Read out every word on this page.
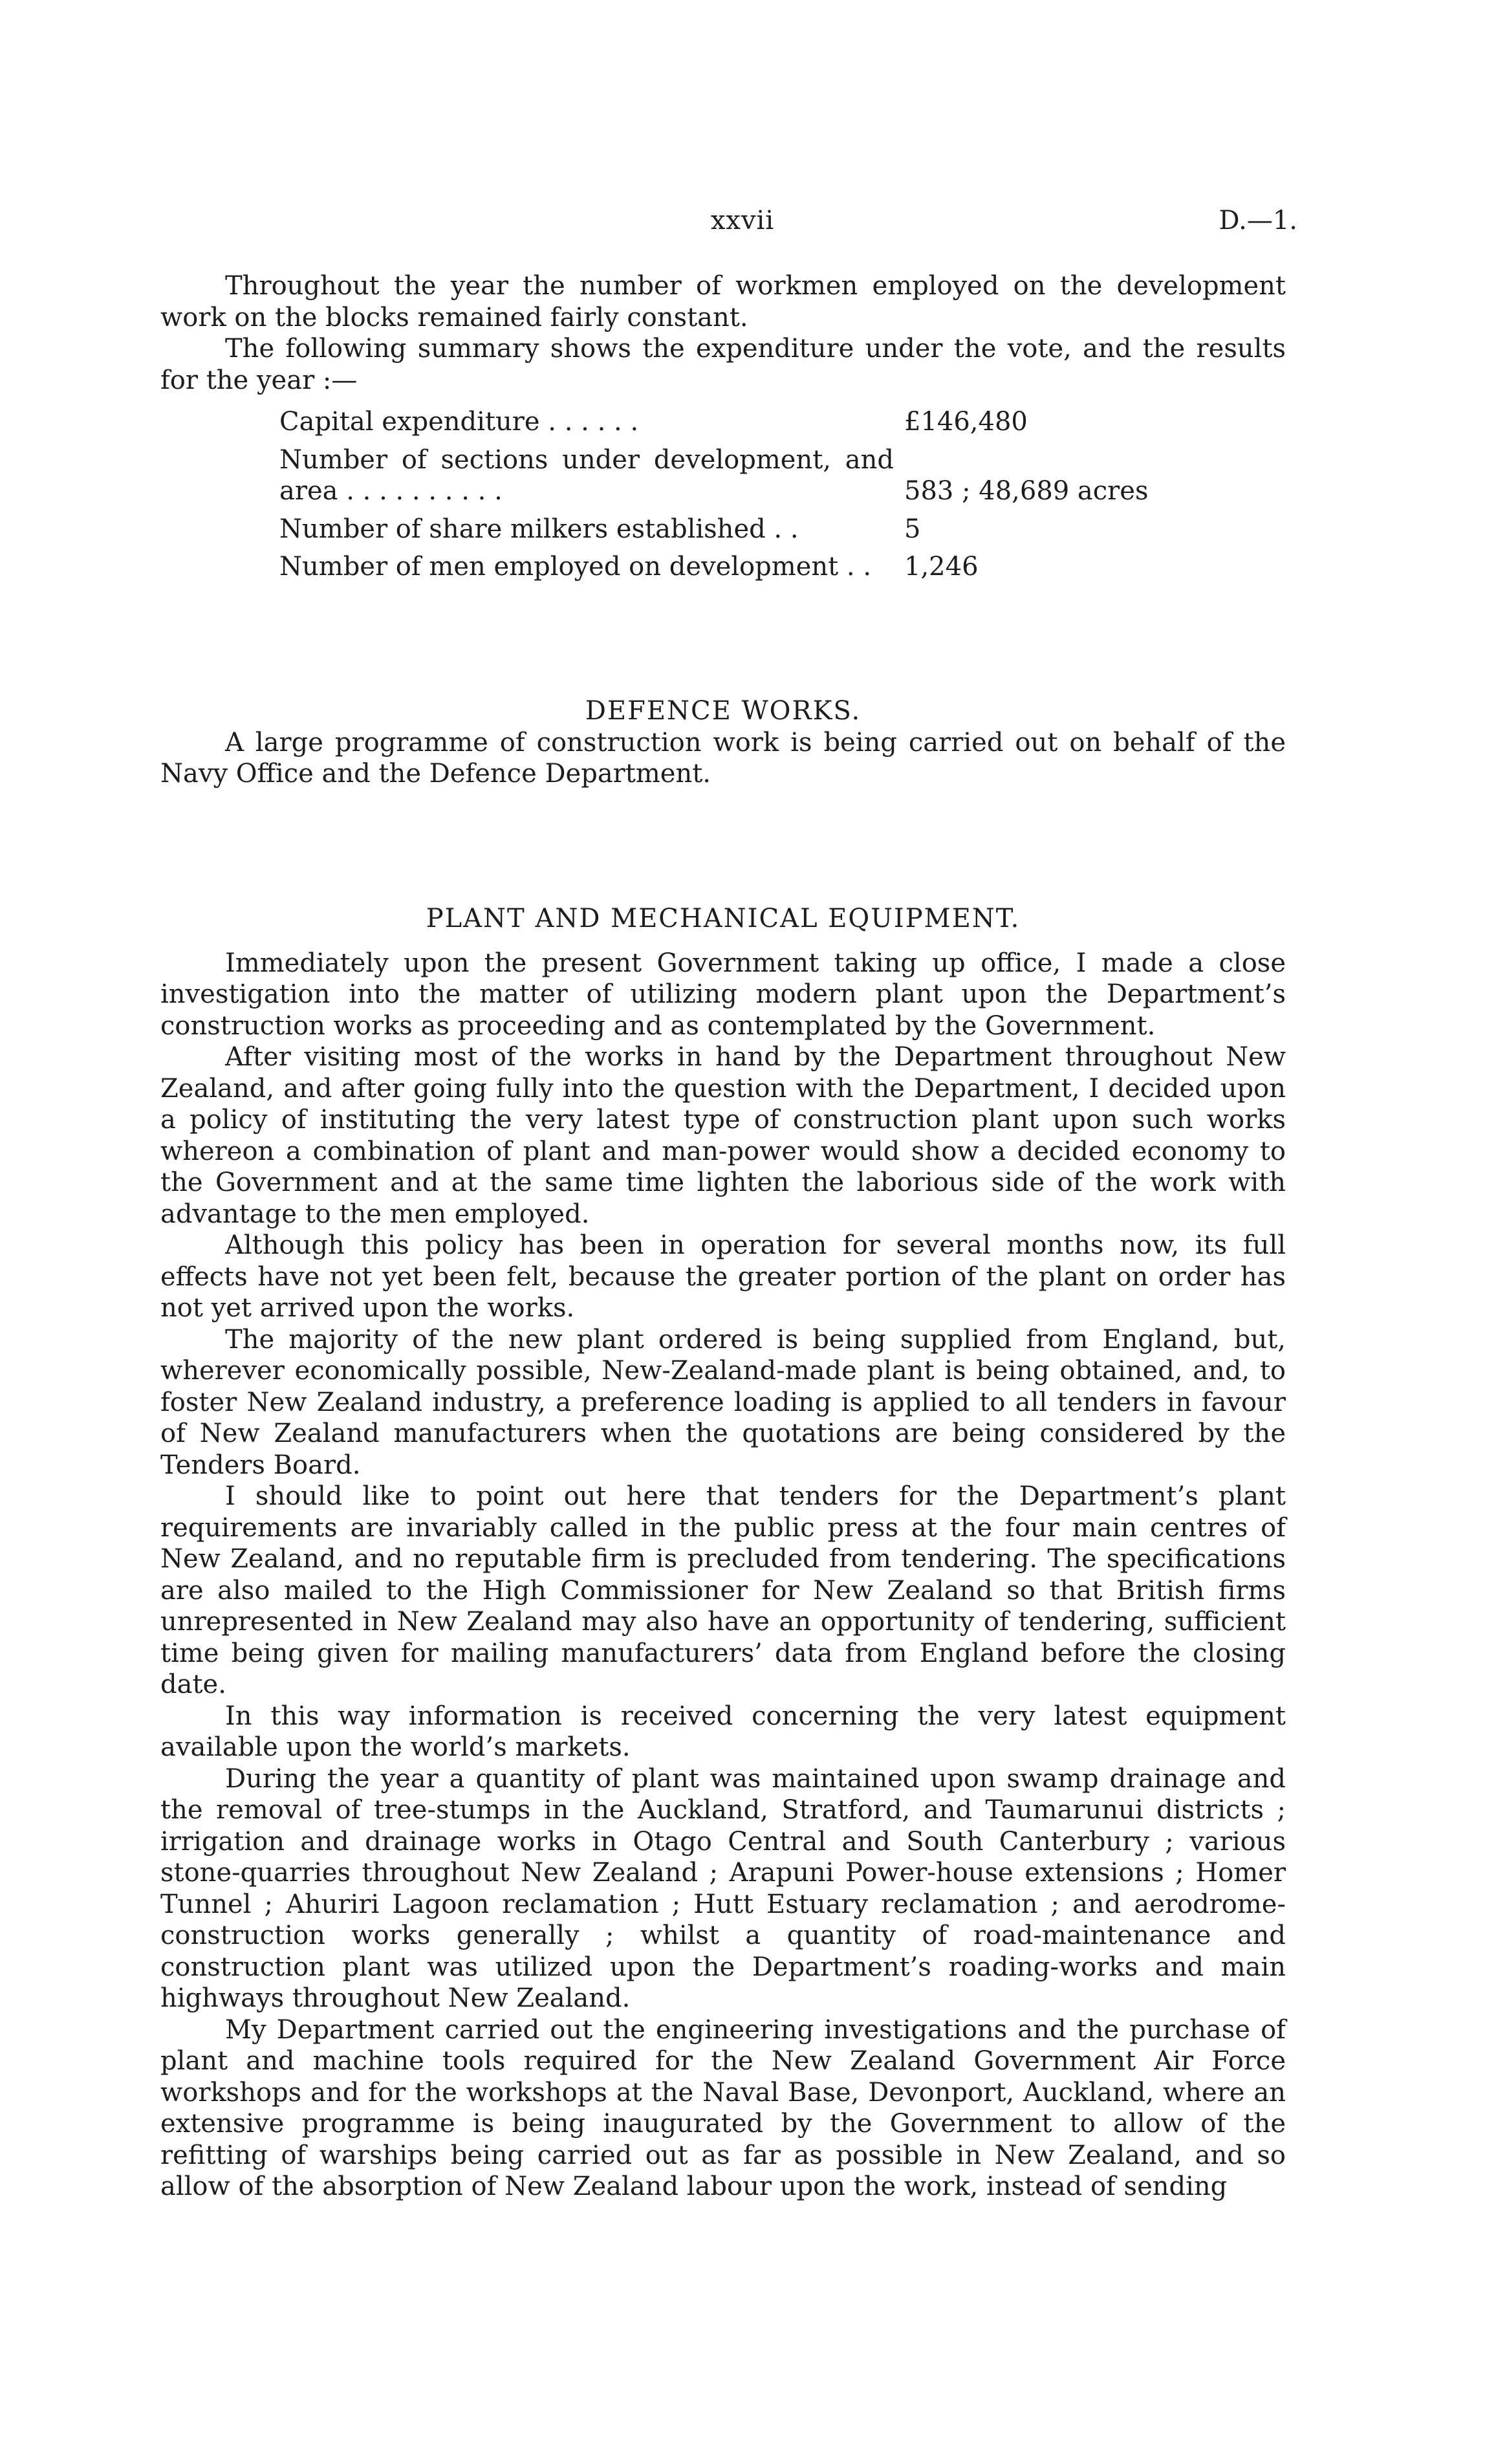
xxvii	D.—1.

Throughout the year the number of workmen employed on the development work on the blocks remained fairly constant.

The following summary shows the expenditure under the vote, and the results for the year :—

Capital expenditure . . . . . .	£146,480
Number of sections under development, and area . . . . . . . . . .	583 ; 48,689 acres
Number of share milkers established . .	5
Number of men employed on development . .	1,246
DEFENCE WORKS.

A large programme of construction work is being carried out on behalf of the Navy Office and the Defence Department.

PLANT AND MECHANICAL EQUIPMENT.

Immediately upon the present Government taking up office, I made a close investigation into the matter of utilizing modern plant upon the Department’s construction works as proceeding and as contemplated by the Government.

After visiting most of the works in hand by the Department throughout New Zealand, and after going fully into the question with the Department, I decided upon a policy of instituting the very latest type of construction plant upon such works whereon a combination of plant and man-power would show a decided economy to the Government and at the same time lighten the laborious side of the work with advantage to the men employed.

Although this policy has been in operation for several months now, its full effects have not yet been felt, because the greater portion of the plant on order has not yet arrived upon the works.

The majority of the new plant ordered is being supplied from England, but, wherever economically possible, New-Zealand-made plant is being obtained, and, to foster New Zealand industry, a preference loading is applied to all tenders in favour of New Zealand manufacturers when the quotations are being considered by the Tenders Board.

I should like to point out here that tenders for the Department’s plant requirements are invariably called in the public press at the four main centres of New Zealand, and no reputable firm is precluded from tendering. The specifications are also mailed to the High Commissioner for New Zealand so that British firms unrepresented in New Zealand may also have an opportunity of tendering, sufficient time being given for mailing manufacturers’ data from England before the closing date.

In this way information is received concerning the very latest equipment available upon the world’s markets.

During the year a quantity of plant was maintained upon swamp drainage and the removal of tree-stumps in the Auckland, Stratford, and Taumarunui districts ; irrigation and drainage works in Otago Central and South Canterbury ; various stone-quarries throughout New Zealand ; Arapuni Power-house extensions ; Homer Tunnel ; Ahuriri Lagoon reclamation ; Hutt Estuary reclamation ; and aerodrome-construction works generally ; whilst a quantity of road-maintenance and construction plant was utilized upon the Department’s roading-works and main highways throughout New Zealand.

My Department carried out the engineering investigations and the purchase of plant and machine tools required for the New Zealand Government Air Force workshops and for the workshops at the Naval Base, Devonport, Auckland, where an extensive programme is being inaugurated by the Government to allow of the refitting of warships being carried out as far as possible in New Zealand, and so allow of the absorption of New Zealand labour upon the work, instead of sending
